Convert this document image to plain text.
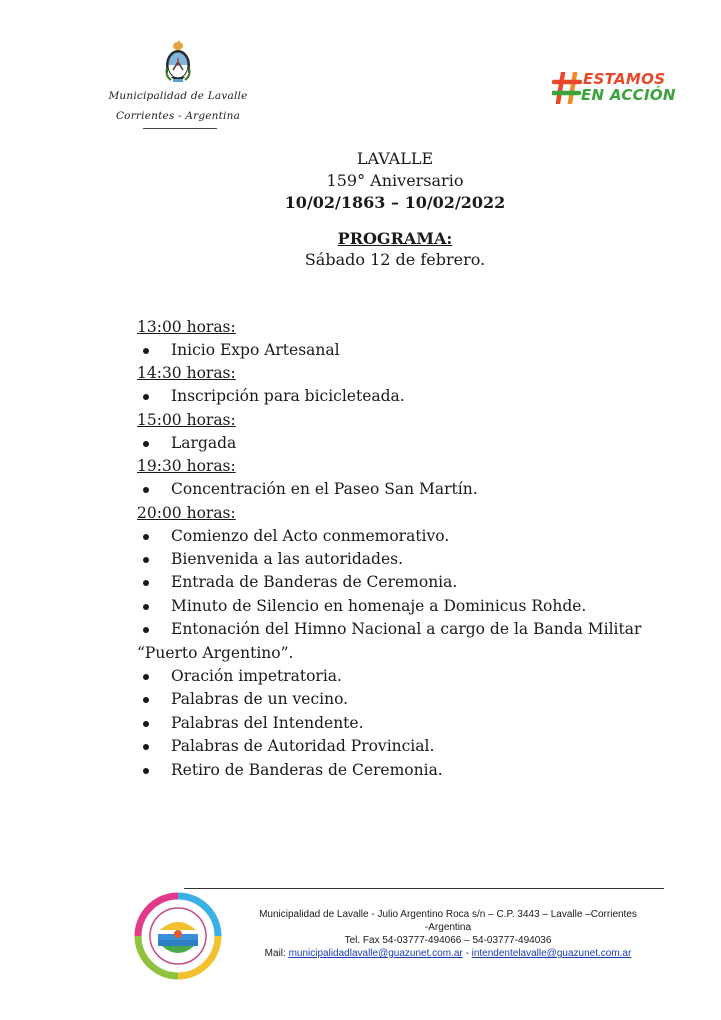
Municipalidad de Lavalle
Corrientes - Argentina
ESTAMOS
EN ACCIÓN
LAVALLE
159° Aniversario
10/02/1863 – 10/02/2022
PROGRAMA:
Sábado 12 de febrero.
13:00 horas:
Inicio Expo Artesanal
14:30 horas:
Inscripción para bicicleteada.
15:00 horas:
Largada
19:30 horas:
Concentración en el Paseo San Martín.
20:00 horas:
Comienzo del Acto conmemorativo.
Bienvenida a las autoridades.
Entrada de Banderas de Ceremonia.
Minuto de Silencio en homenaje a Dominicus Rohde.
Entonación del Himno Nacional a cargo de la Banda Militar “Puerto Argentino”.
Oración impetratoria.
Palabras de un vecino.
Palabras del Intendente.
Palabras de Autoridad Provincial.
Retiro de Banderas de Ceremonia.
Municipalidad de Lavalle - Julio Argentino Roca s/n – C.P. 3443 – Lavalle –Corrientes
-Argentina
Tel. Fax 54-03777-494066 – 54-03777-494036
Mail: municipalidadlavalle@guazunet.com.ar - intendentelavalle@guazunet.com.ar
